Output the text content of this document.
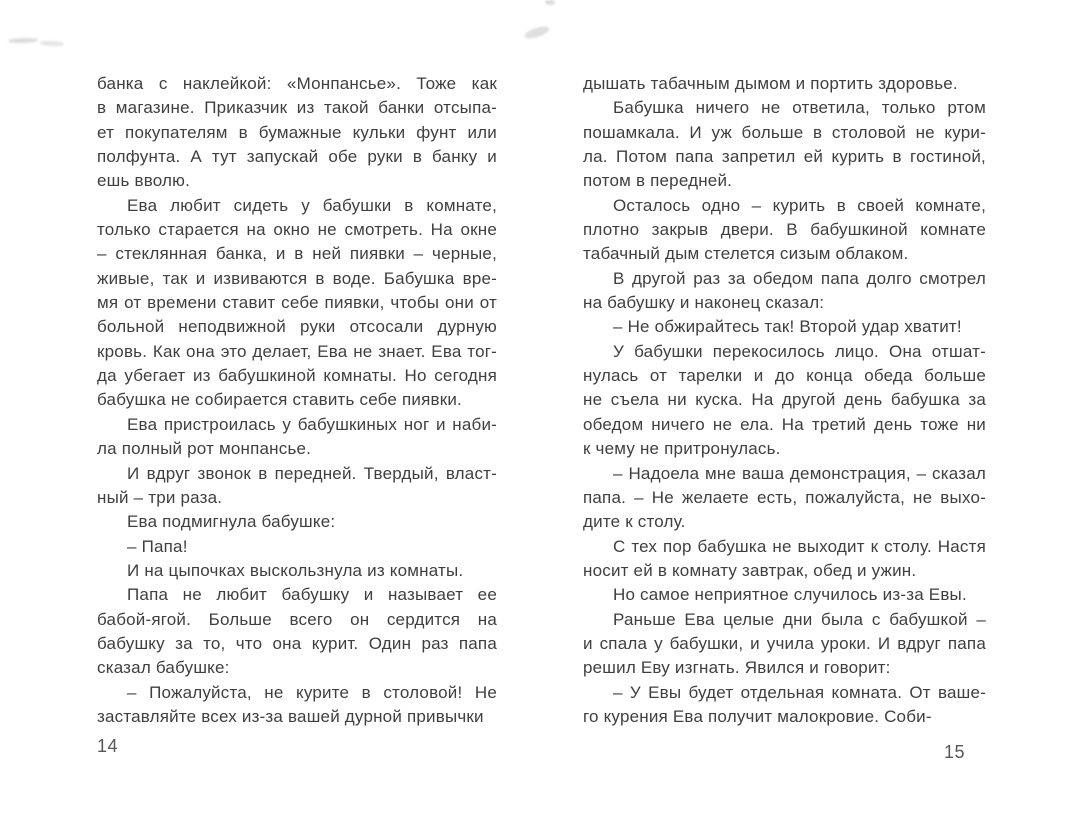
банка с наклейкой: «Монпансье». Тоже как
в магазине. Приказчик из такой банки отсыпа-
ет покупателям в бумажные кульки фунт или
полфунта. А тут запускай обе руки в банку и
ешь вволю.
Ева любит сидеть у бабушки в комнате,
только старается на окно не смотреть. На окне
– стеклянная банка, и в ней пиявки – черные,
живые, так и извиваются в воде. Бабушка вре-
мя от времени ставит себе пиявки, чтобы они от
больной неподвижной руки отсосали дурную
кровь. Как она это делает, Ева не знает. Ева тог-
да убегает из бабушкиной комнаты. Но сегодня
бабушка не собирается ставить себе пиявки.
Ева пристроилась у бабушкиных ног и наби-
ла полный рот монпансье.
И вдруг звонок в передней. Твердый, власт-
ный – три раза.
Ева подмигнула бабушке:
– Папа!
И на цыпочках выскользнула из комнаты.
Папа не любит бабушку и называет ее
бабой-ягой. Больше всего он сердится на
бабушку за то, что она курит. Один раз папа
сказал бабушке:
– Пожалуйста, не курите в столовой! Не
заставляйте всех из-за вашей дурной привычки
дышать табачным дымом и портить здоровье.
Бабушка ничего не ответила, только ртом
пошамкала. И уж больше в столовой не кури-
ла. Потом папа запретил ей курить в гостиной,
потом в передней.
Осталось одно – курить в своей комнате,
плотно закрыв двери. В бабушкиной комнате
табачный дым стелется сизым облаком.
В другой раз за обедом папа долго смотрел
на бабушку и наконец сказал:
– Не обжирайтесь так! Второй удар хватит!
У бабушки перекосилось лицо. Она отшат-
нулась от тарелки и до конца обеда больше
не съела ни куска. На другой день бабушка за
обедом ничего не ела. На третий день тоже ни
к чему не притронулась.
– Надоела мне ваша демонстрация, – сказал
папа. – Не желаете есть, пожалуйста, не выхо-
дите к столу.
С тех пор бабушка не выходит к столу. Настя
носит ей в комнату завтрак, обед и ужин.
Но самое неприятное случилось из-за Евы.
Раньше Ева целые дни была с бабушкой –
и спала у бабушки, и учила уроки. И вдруг папа
решил Еву изгнать. Явился и говорит:
– У Евы будет отдельная комната. От ваше-
го курения Ева получит малокровие. Соби-
14	15
